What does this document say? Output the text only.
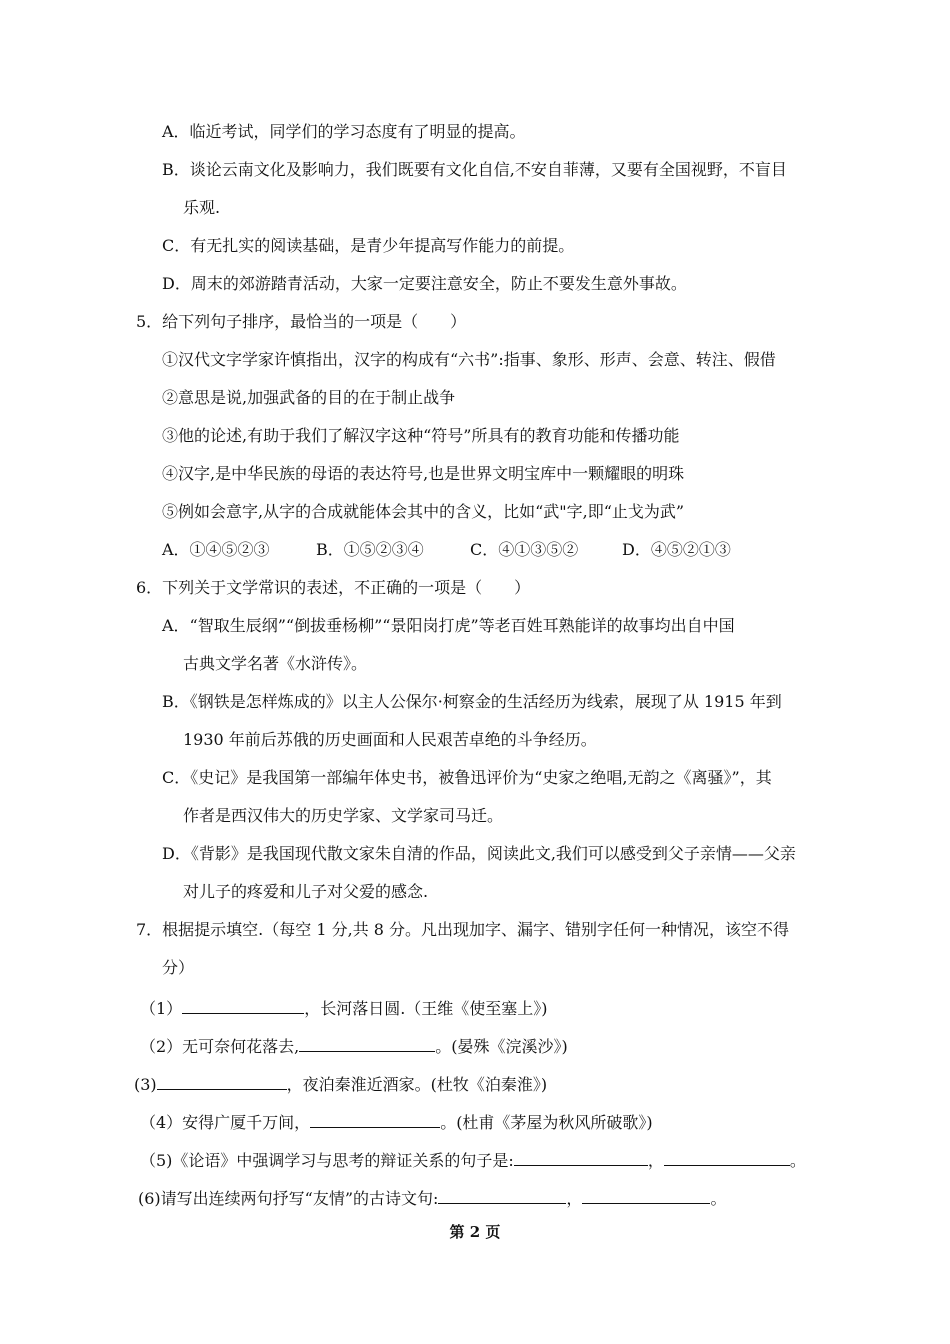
A．临近考试，同学们的学习态度有了明显的提高。

B．谈论云南文化及影响力，我们既要有文化自信,不安自菲薄，又要有全国视野，不盲目

乐观.

C．有无扎实的阅读基础，是青少年提高写作能力的前提。

D．周末的郊游踏青活动，大家一定要注意安全，防止不要发生意外事故。

5．给下列句子排序，最恰当的一项是（　　）

①汉代文字学家许慎指出，汉字的构成有“六书”:指事、象形、形声、会意、转注、假借

②意思是说,加强武备的目的在于制止战争

③他的论述,有助于我们了解汉字这种“符号”所具有的教育功能和传播功能

④汉字,是中华民族的母语的表达符号,也是世界文明宝库中一颗耀眼的明珠

⑤例如会意字,从字的合成就能体会其中的含义，比如“武"字,即“止戈为武”

A．①④⑤②③	B．①⑤②③④	C．④①③⑤②	D．④⑤②①③

6．下列关于文学常识的表述，不正确的一项是（　　）

A．“智取生辰纲”“倒拔垂杨柳”“景阳岗打虎”等老百姓耳熟能详的故事均出自中国

古典文学名著《水浒传》。

B．《钢铁是怎样炼成的》以主人公保尔·柯察金的生活经历为线索，展现了从 1915 年到

1930 年前后苏俄的历史画面和人民艰苦卓绝的斗争经历。

C．《史记》是我国第一部编年体史书，被鲁迅评价为“史家之绝唱,无韵之《离骚》”，其

作者是西汉伟大的历史学家、文学家司马迁。

D．《背影》是我国现代散文家朱自清的作品，阅读此文,我们可以感受到父子亲情——父亲

对儿子的疼爱和儿子对父爱的感念.

7．根据提示填空.（每空 1 分,共 8 分。凡出现加字、漏字、错别字任何一种情况，该空不得

分）

（1）	，长河落日圆.（王维《使至塞上》)

（2）无可奈何花落去,	。(晏殊《浣溪沙》)

(3)	，夜泊秦淮近酒家。(杜牧《泊秦淮》)

（4）安得广厦千万间，	。(杜甫《茅屋为秋风所破歌》)

（5)《论语》中强调学习与思考的辩证关系的句子是:	，	。

(6)请写出连续两句抒写“友情”的古诗文句:	，	。

第 2 页
